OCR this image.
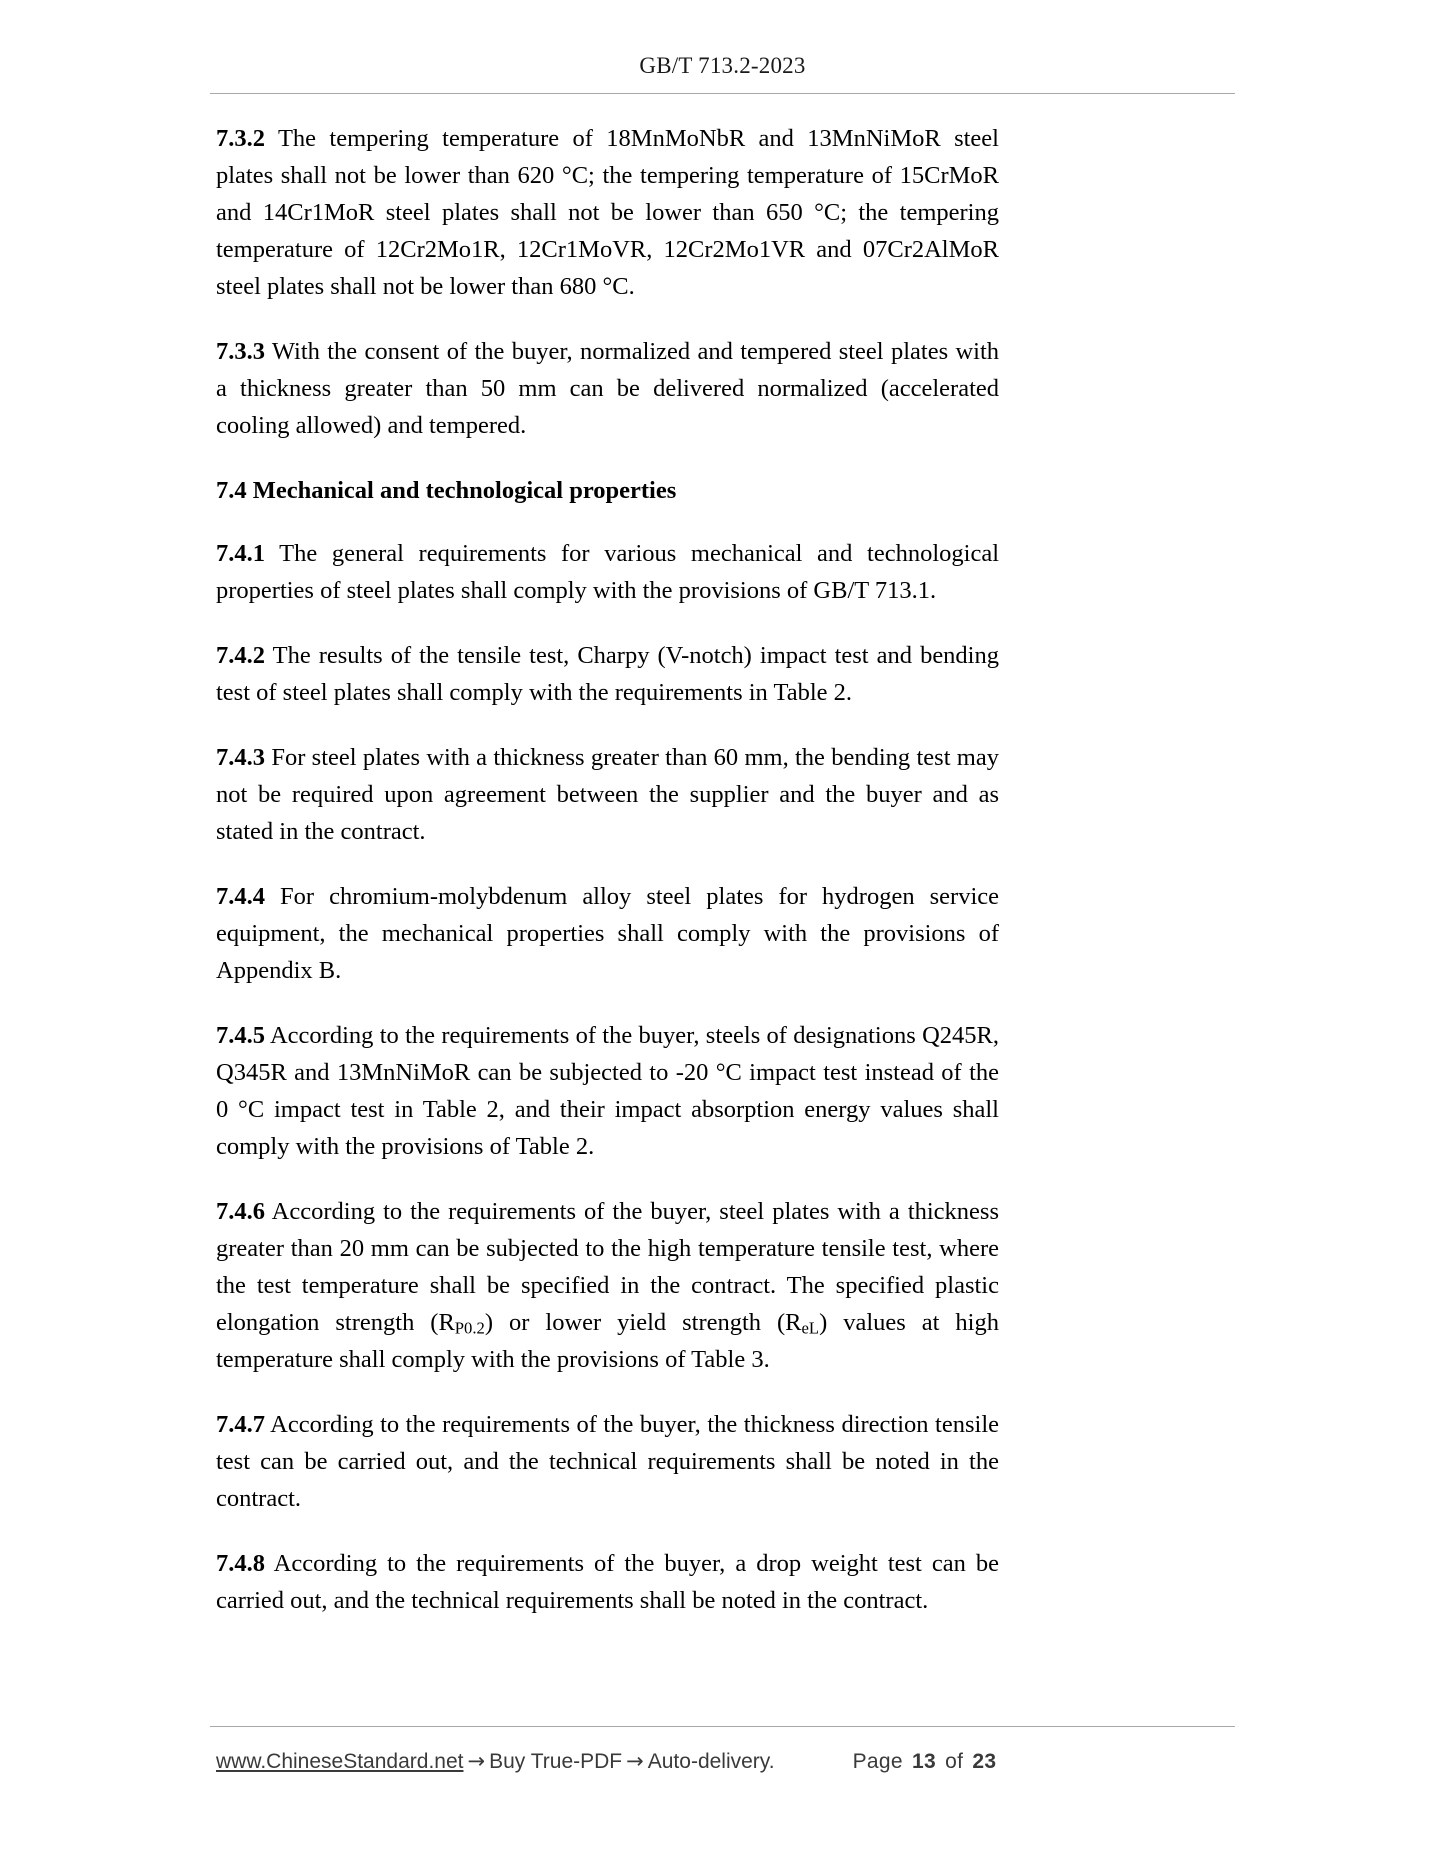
GB/T 713.2-2023

7.3.2 The tempering temperature of 18MnMoNbR and 13MnNiMoR steel plates shall not be lower than 620 °C; the tempering temperature of 15CrMoR and 14Cr1MoR steel plates shall not be lower than 650 °C; the tempering temperature of 12Cr2Mo1R, 12Cr1MoVR, 12Cr2Mo1VR and 07Cr2AlMoR steel plates shall not be lower than 680 °C.

7.3.3 With the consent of the buyer, normalized and tempered steel plates with a thickness greater than 50 mm can be delivered normalized (accelerated cooling allowed) and tempered.

7.4 Mechanical and technological properties

7.4.1 The general requirements for various mechanical and technological properties of steel plates shall comply with the provisions of GB/T 713.1.

7.4.2 The results of the tensile test, Charpy (V-notch) impact test and bending test of steel plates shall comply with the requirements in Table 2.

7.4.3 For steel plates with a thickness greater than 60 mm, the bending test may not be required upon agreement between the supplier and the buyer and as stated in the contract.

7.4.4 For chromium-molybdenum alloy steel plates for hydrogen service equipment, the mechanical properties shall comply with the provisions of Appendix B.

7.4.5 According to the requirements of the buyer, steels of designations Q245R, Q345R and 13MnNiMoR can be subjected to -20 °C impact test instead of the 0 °C impact test in Table 2, and their impact absorption energy values shall comply with the provisions of Table 2.

7.4.6 According to the requirements of the buyer, steel plates with a thickness greater than 20 mm can be subjected to the high temperature tensile test, where the test temperature shall be specified in the contract. The specified plastic elongation strength $(R_{P0.2})$ or lower yield strength $(R_{eL})$ values at high temperature shall comply with the provisions of Table 3.

7.4.7 According to the requirements of the buyer, the thickness direction tensile test can be carried out, and the technical requirements shall be noted in the contract.

7.4.8 According to the requirements of the buyer, a drop weight test can be carried out, and the technical requirements shall be noted in the contract.

www.ChineseStandard.net → Buy True-PDF → Auto-delivery.	Page 13 of 23
